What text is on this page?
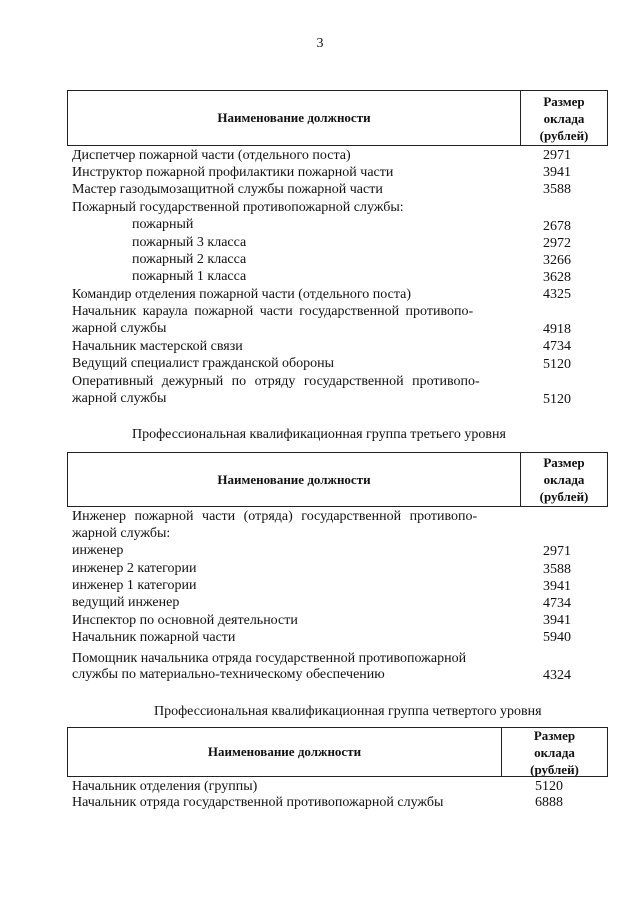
3
Наименование должности
Размер
оклада
(рублей)
Диспетчер пожарной части (отдельного поста)	2971
Инструктор пожарной профилактики пожарной части	3941
Мастер газодымозащитной службы пожарной части	3588
Пожарный государственной противопожарной службы:
пожарный	2678
пожарный 3 класса	2972
пожарный 2 класса	3266
пожарный 1 класса	3628
Командир отделения пожарной части (отдельного поста)	4325
Начальник караула пожарной части государственной противопо-
жарной службы	4918
Начальник мастерской связи	4734
Ведущий специалист гражданской обороны	5120
Оперативный дежурный по отряду государственной противопо-
жарной службы	5120
Профессиональная квалификационная группа третьего уровня
Наименование должности
Размер
оклада
(рублей)
Инженер пожарной части (отряда) государственной противопо-
жарной службы:
инженер	2971
инженер 2 категории	3588
инженер 1 категории	3941
ведущий инженер	4734
Инспектор по основной деятельности	3941
Начальник пожарной части	5940
Помощник начальника отряда государственной противопожарной
службы по материально-техническому обеспечению	4324
Профессиональная квалификационная группа четвертого уровня
Наименование должности
Размер
оклада
(рублей)
Начальник отделения (группы)	5120
Начальник отряда государственной противопожарной службы	6888
